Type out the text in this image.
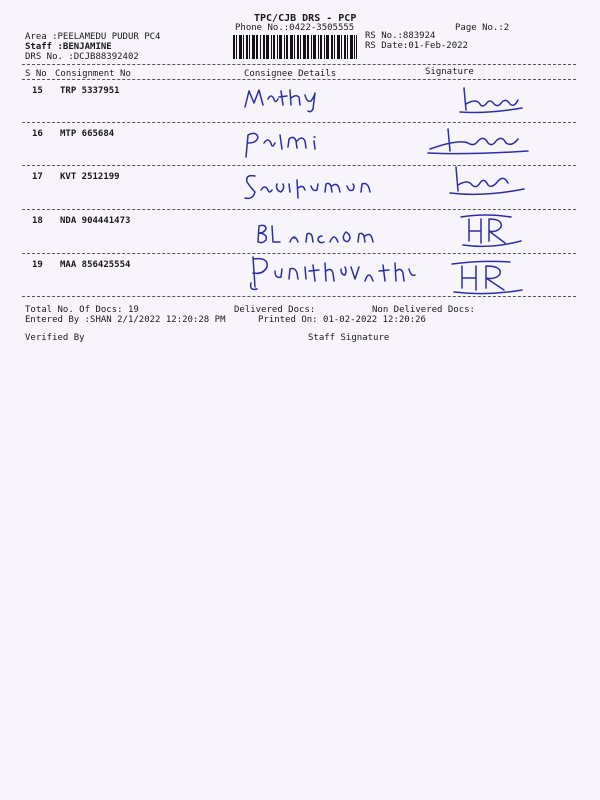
TPC/CJB DRS - PCP
Phone No.:0422-3505555	Page No.:2
Area :PEELAMEDU PUDUR PC4
Staff :BENJAMINE
DRS No. :DCJB88392402
RS No.:883924
RS Date:01-Feb-2022
S No Consignment No	Consignee Details	Signature
15 TRP 5337951
16 MTP 665684
17 KVT 2512199
18 NDA 904441473
19 MAA 856425554
Total No. Of Docs: 19	Delivered Docs:	Non Delivered Docs:
Entered By :SHAN 2/1/2022 12:20:28 PM	Printed On: 01-02-2022 12:20:26
Verified By	Staff Signature
